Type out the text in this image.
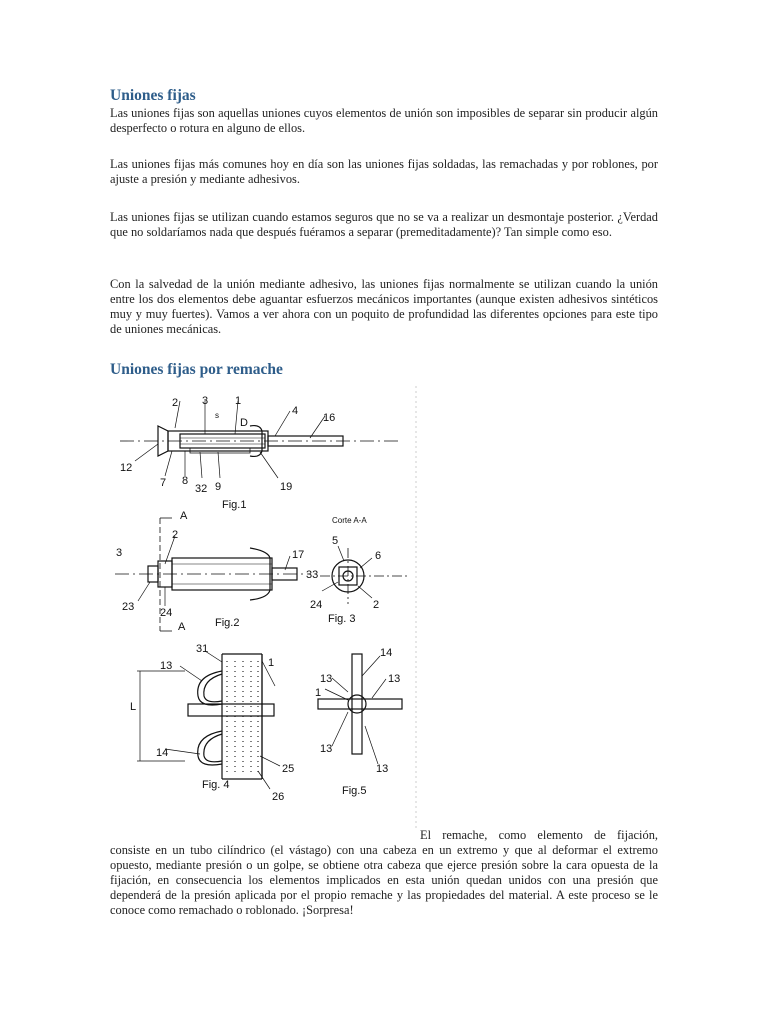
Uniones fijas

Las uniones fijas son aquellas uniones cuyos elementos de unión son imposibles de separar sin producir algún desperfecto o rotura en alguno de ellos.

Las uniones fijas más comunes hoy en día son las uniones fijas soldadas, las remachadas y por roblones, por ajuste a presión y mediante adhesivos.

Las uniones fijas se utilizan cuando estamos seguros que no se va a realizar un desmontaje posterior. ¿Verdad que no soldaríamos nada que después fuéramos a separar (premeditadamente)? Tan simple como eso.

Con la salvedad de la unión mediante adhesivo, las uniones fijas normalmente se utilizan cuando la unión entre los dos elementos debe aguantar esfuerzos mecánicos importantes (aunque existen adhesivos sintéticos muy y muy fuertes). Vamos a ver ahora con un poquito de profundidad las diferentes opciones para este tipo de uniones mecánicas.

Uniones fijas por remache
2 3 1
4
16
12
7 8
32 9	19
s
D
Fig.1
A
2
3	17
23 24
A	Fig.2
Corte A-A
5
6
33
24	2
Fig. 3
31
13	1
L
14
25
26
Fig. 4
14
13
1
13
13
13
Fig.5

El remache, como elemento de fijación, consiste en un tubo cilíndrico (el vástago) con una cabeza en un extremo y que al deformar el extremo opuesto, mediante presión o un golpe, se obtiene otra cabeza que ejerce presión sobre la cara opuesta de la fijación, en consecuencia los elementos implicados en esta unión quedan unidos con una presión que dependerá de la presión aplicada por el propio remache y las propiedades del material. A este proceso se le conoce como remachado o roblonado. ¡Sorpresa!
